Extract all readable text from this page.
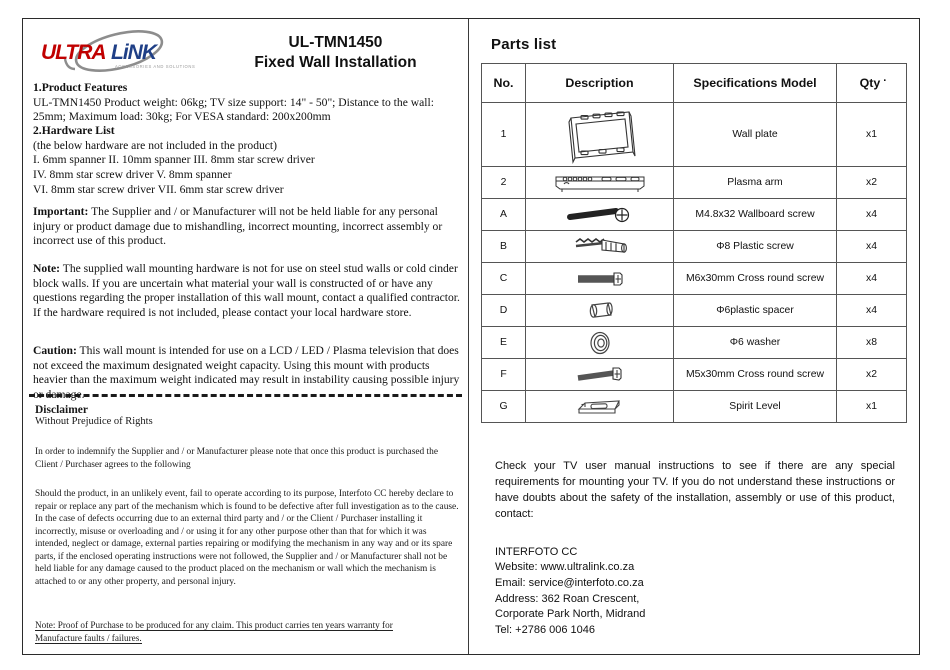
ULTRA LiNK
ACCESSORIES AND SOLUTIONS
UL-TMN1450
Fixed Wall Installation
1.Product Features
UL-TMN1450 Product weight: 06kg; TV size support: 14" - 50"; Distance to the wall: 25mm; Maximum load: 30kg; For VESA standard: 200x200mm
2.Hardware List
(the below hardware are not included in the product)
I. 6mm spanner II. 10mm spanner III. 8mm star screw driver
IV. 8mm star screw driver V. 8mm spanner
VI. 8mm star screw driver VII. 6mm star screw driver
Important: The Supplier and / or Manufacturer will not be held liable for any personal injury or product damage due to mishandling, incorrect mounting, incorrect assembly or incorrect use of this product.
Note: The supplied wall mounting hardware is not for use on steel stud walls or cold cinder block walls. If you are uncertain what material your wall is constructed of or have any questions regarding the proper installation of this wall mount, contact a qualified contractor. If the hardware required is not included, please contact your local hardware store.
Caution: This wall mount is intended for use on a LCD / LED / Plasma television that does not exceed the maximum designated weight capacity. Using this mount with products heavier than the maximum weight indicated may result in instability causing possible injury or damage.
Disclaimer
Without Prejudice of Rights
In order to indemnify the Supplier and / or Manufacturer please note that once this product is purchased the Client / Purchaser agrees to the following
Should the product, in an unlikely event, fail to operate according to its purpose, Interfoto CC hereby declare to repair or replace any part of the mechanism which is found to be defective after full investigation as to the cause. In the case of defects occurring due to an external third party and / or the Client / Purchaser installing it incorrectly, misuse or overloading and / or using it for any other purpose other than that for which it was intended, neglect or damage, external parties repairing or modifying the mechanism in any way and or its spare parts, if the enclosed operating instructions were not followed, the Supplier and / or Manufacturer shall not be held liable for any damage caused to the product placed on the mechanism or wall which the mechanism is attached to or any other property, and personal injury.
Note: Proof of Purchase to be produced for any claim. This product carries ten years warranty for
Manufacture faults / failures.
Parts list
No.	Description	Specifications Model	Qty .
1		Wall plate	x1
2		Plasma arm	x2
A		M4.8x32 Wallboard screw	x4
B		Φ8 Plastic screw	x4
C		M6x30mm Cross round screw	x4
D		Φ6plastic spacer	x4
E		Φ6 washer	x8
F		M5x30mm Cross round screw	x2
G		Spirit Level	x1
Check your TV user manual instructions to see if there are any special requirements for mounting your TV. If you do not understand these instructions or have doubts about the safety of the installation, assembly or use of this product, contact:
INTERFOTO CC
Website: www.ultralink.co.za
Email: service@interfoto.co.za
Address: 362 Roan Crescent,
Corporate Park North, Midrand
Tel: +2786 006 1046
